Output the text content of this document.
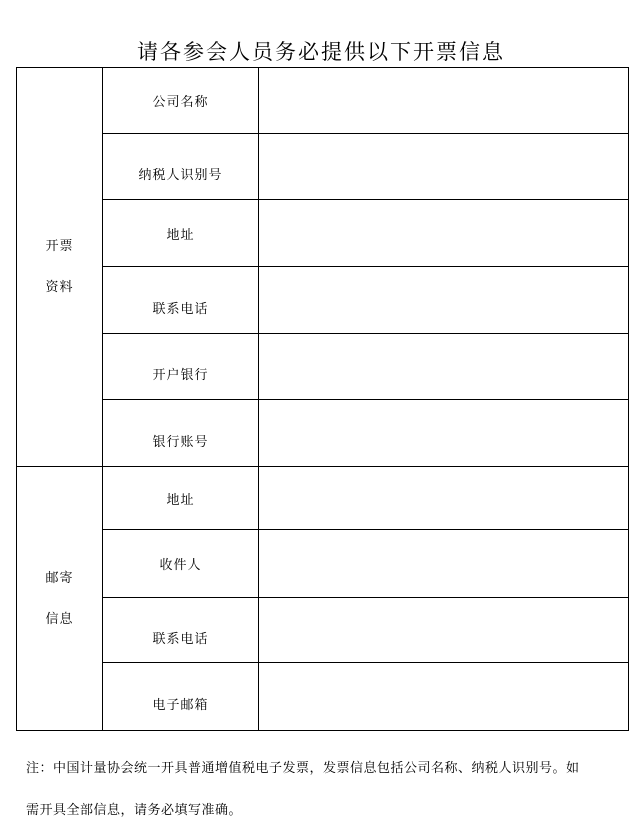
请各参会人员务必提供以下开票信息
开票
资料	公司名称	
	纳税人识别号	
	地址	
	联系电话	
	开户银行	
	银行账号	

邮寄
信息	地址	
	收件人	
	联系电话	
	电子邮箱	
注：中国计量协会统一开具普通增值税电子发票，发票信息包括公司名称、纳税人识别号。如
需开具全部信息，请务必填写准确。
